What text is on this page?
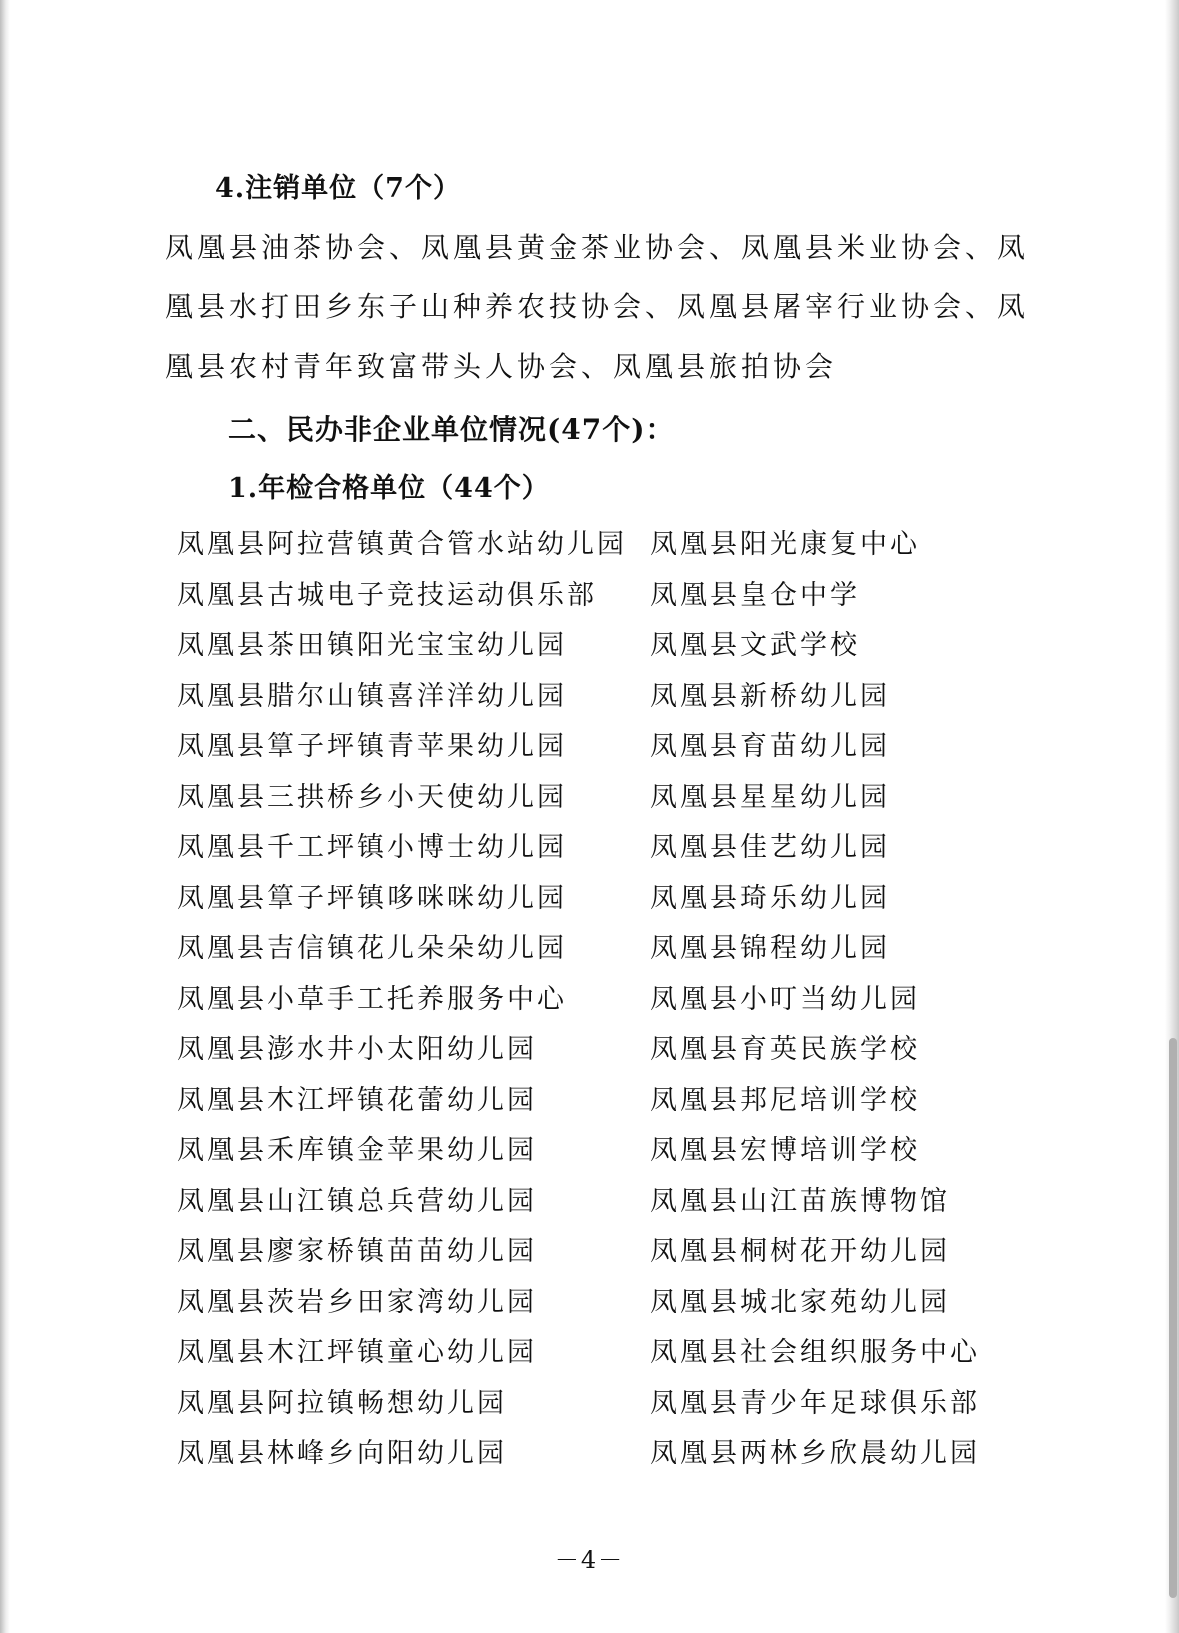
4.注销单位（7个）
凤凰县油茶协会、凤凰县黄金茶业协会、凤凰县米业协会、凤
凰县水打田乡东子山种养农技协会、凤凰县屠宰行业协会、凤
凰县农村青年致富带头人协会、凤凰县旅拍协会
二、民办非企业单位情况(47个)：
1.年检合格单位（44个）
凤凰县阿拉营镇黄合管水站幼儿园
凤凰县古城电子竞技运动俱乐部
凤凰县茶田镇阳光宝宝幼儿园
凤凰县腊尔山镇喜洋洋幼儿园
凤凰县筸子坪镇青苹果幼儿园
凤凰县三拱桥乡小天使幼儿园
凤凰县千工坪镇小博士幼儿园
凤凰县筸子坪镇哆咪咪幼儿园
凤凰县吉信镇花儿朵朵幼儿园
凤凰县小草手工托养服务中心
凤凰县澎水井小太阳幼儿园
凤凰县木江坪镇花蕾幼儿园
凤凰县禾库镇金苹果幼儿园
凤凰县山江镇总兵营幼儿园
凤凰县廖家桥镇苗苗幼儿园
凤凰县茨岩乡田家湾幼儿园
凤凰县木江坪镇童心幼儿园
凤凰县阿拉镇畅想幼儿园
凤凰县林峰乡向阳幼儿园
凤凰县阳光康复中心
凤凰县皇仓中学
凤凰县文武学校
凤凰县新桥幼儿园
凤凰县育苗幼儿园
凤凰县星星幼儿园
凤凰县佳艺幼儿园
凤凰县琦乐幼儿园
凤凰县锦程幼儿园
凤凰县小叮当幼儿园
凤凰县育英民族学校
凤凰县邦尼培训学校
凤凰县宏博培训学校
凤凰县山江苗族博物馆
凤凰县桐树花开幼儿园
凤凰县城北家苑幼儿园
凤凰县社会组织服务中心
凤凰县青少年足球俱乐部
凤凰县两林乡欣晨幼儿园
－4－
